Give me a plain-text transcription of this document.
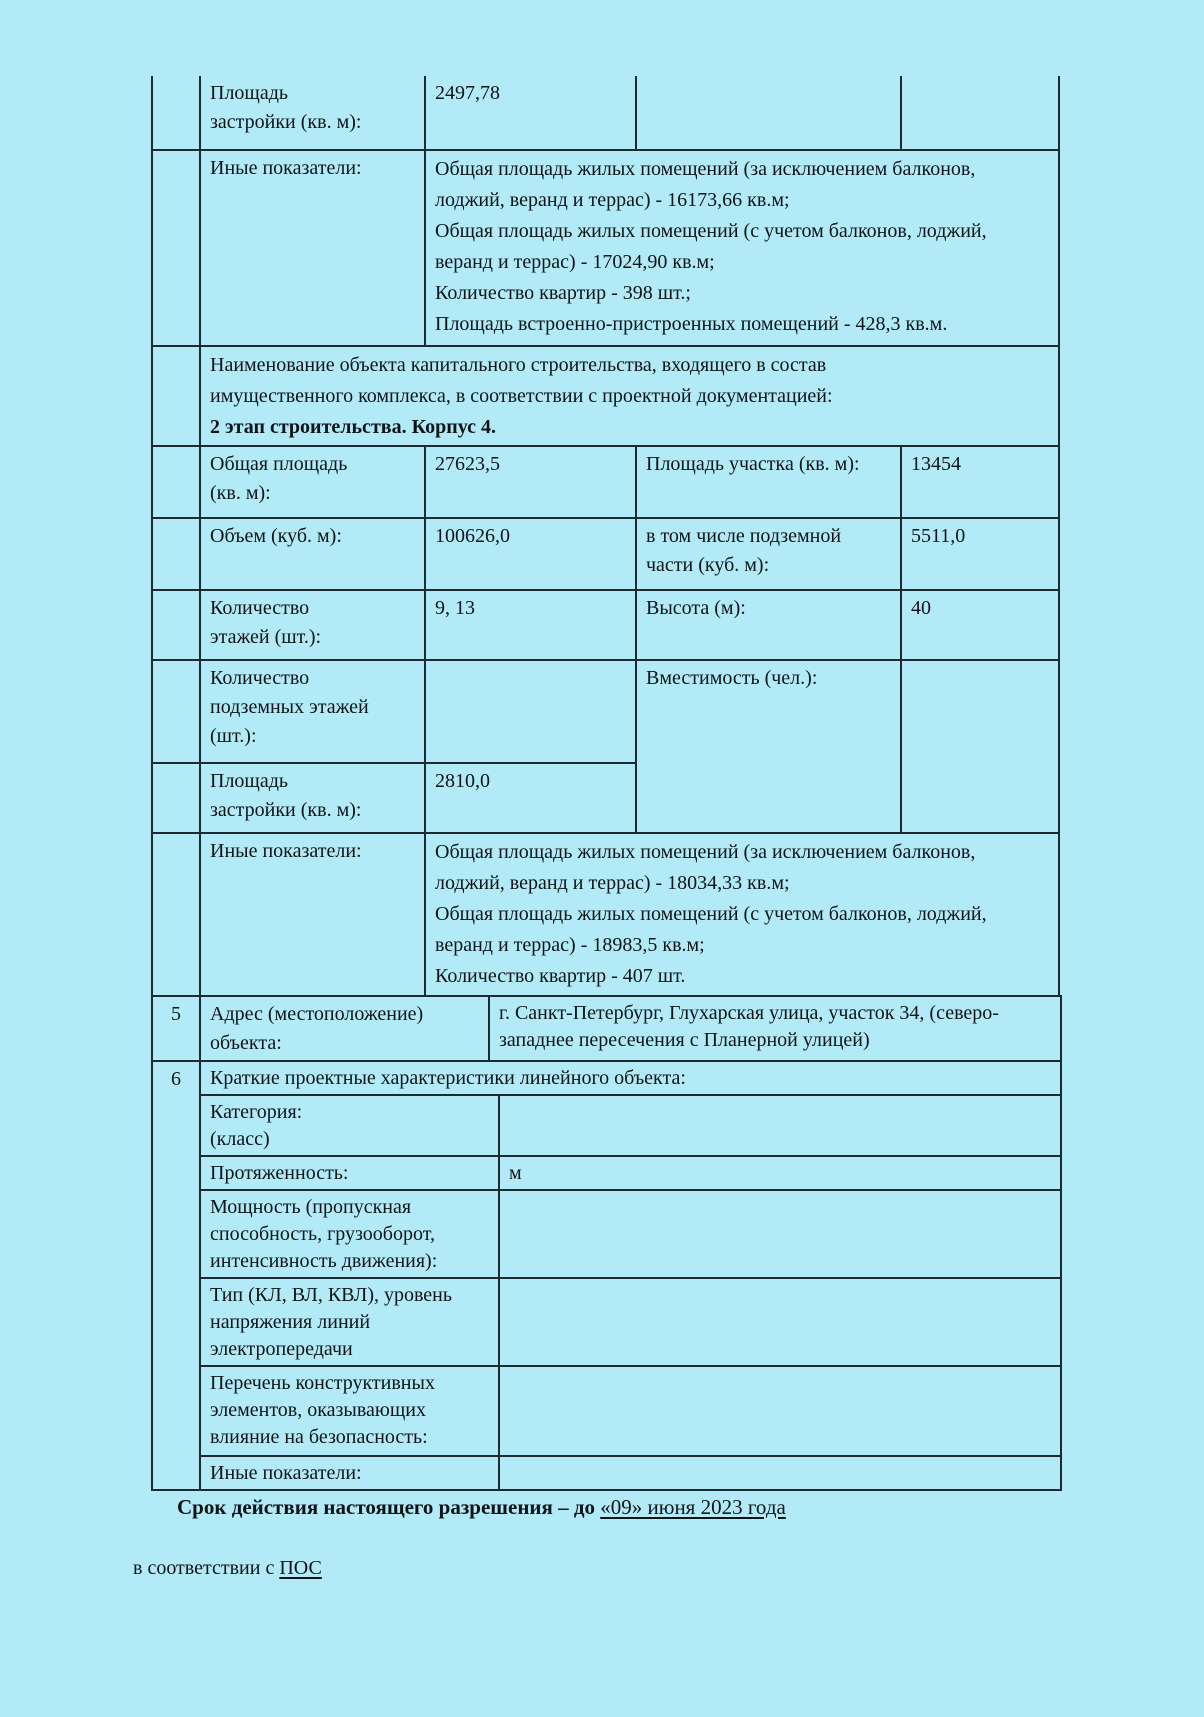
	Площадь
застройки (кв. м):	2497,78		
	Иные показатели:	Общая площадь жилых помещений (за исключением балконов,
лоджий, веранд и террас) - 16173,66 кв.м;
Общая площадь жилых помещений (с учетом балконов, лоджий,
веранд и террас) - 17024,90 кв.м;
Количество квартир - 398 шт.;
Площадь встроенно-пристроенных помещений - 428,3 кв.м.
	Наименование объекта капитального строительства, входящего в состав
имущественного комплекса, в соответствии с проектной документацией:
2 этап строительства. Корпус 4.			
	Общая площадь
(кв. м):	27623,5	Площадь участка (кв. м):	13454
	Объем (куб. м):	100626,0	в том числе подземной
части (куб. м):	5511,0
	Количество
этажей (шт.):	9, 13	Высота (м):	40
	Количество
подземных этажей
(шт.):		Вместимость (чел.):	
	Площадь
застройки (кв. м):	2810,0		
	Иные показатели:	Общая площадь жилых помещений (за исключением балконов,
лоджий, веранд и террас) - 18034,33 кв.м;
Общая площадь жилых помещений (с учетом балконов, лоджий,
веранд и террас) - 18983,5 кв.м;
Количество квартир - 407 шт.		
5	Адрес (местоположение)
объекта:	г. Санкт-Петербург, Глухарская улица, участок 34, (северо-
западнее пересечения с Планерной улицей)
6	Краткие проектные характеристики линейного объекта:	
	Категория:
(класс)	
	Протяженность:	м
	Мощность (пропускная
способность, грузооборот,
интенсивность движения):	
	Тип (КЛ, ВЛ, КВЛ), уровень
напряжения линий
электропередачи	
	Перечень конструктивных
элементов, оказывающих
влияние на безопасность:	
	Иные показатели:	
Срок действия настоящего разрешения – до «09» июня 2023 года
в соответствии с ПОС
